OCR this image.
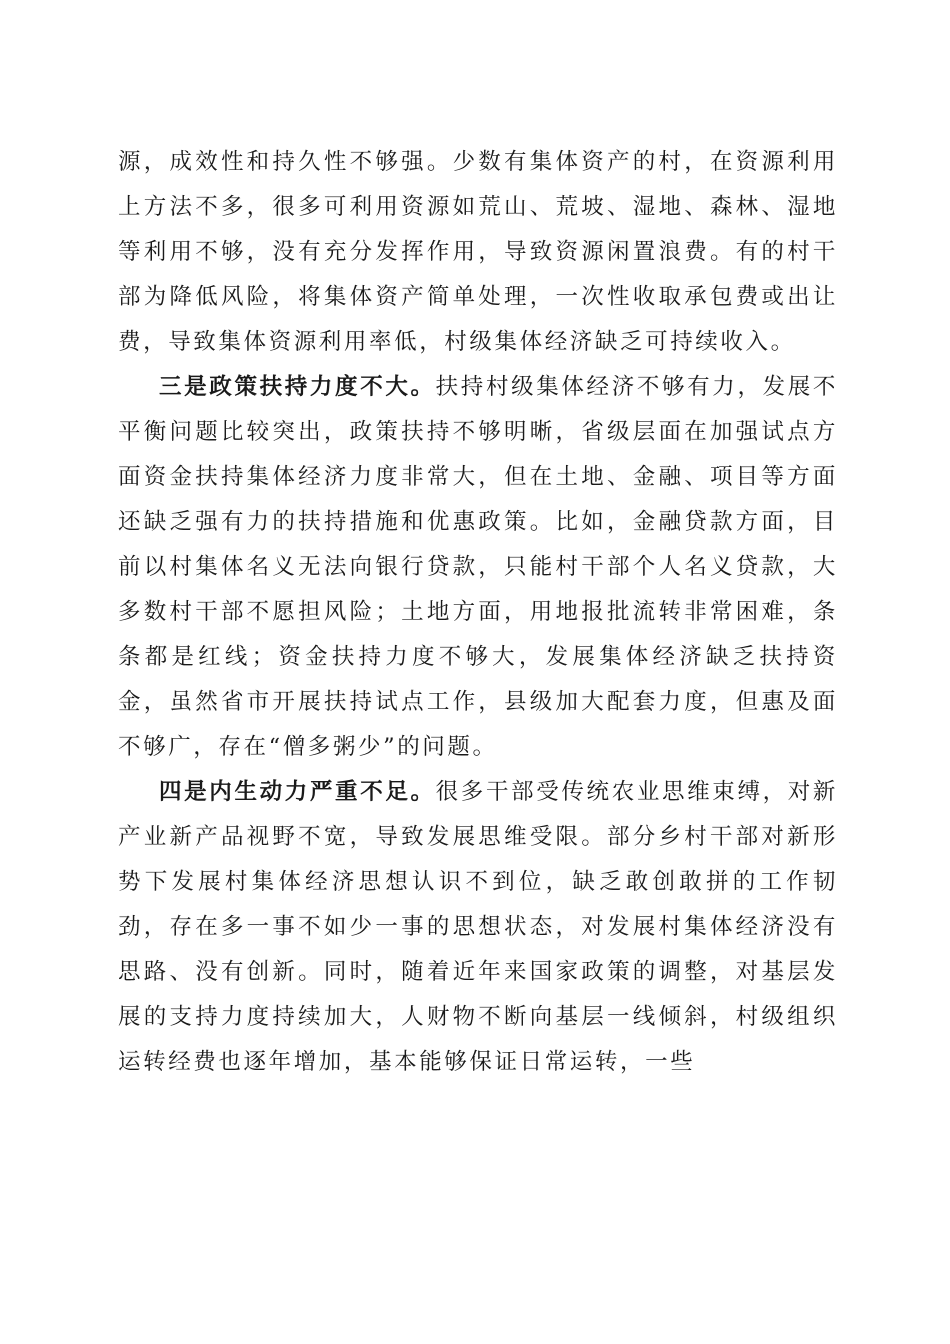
源，成效性和持久性不够强。少数有集体资产的村，在资源利用上方法不多，很多可利用资源如荒山、荒坡、湿地、森林、湿地等利用不够，没有充分发挥作用，导致资源闲置浪费。有的村干部为降低风险，将集体资产简单处理，一次性收取承包费或出让费，导致集体资源利用率低，村级集体经济缺乏可持续收入。

三是政策扶持力度不大。扶持村级集体经济不够有力，发展不平衡问题比较突出，政策扶持不够明晰，省级层面在加强试点方面资金扶持集体经济力度非常大，但在土地、金融、项目等方面还缺乏强有力的扶持措施和优惠政策。比如，金融贷款方面，目前以村集体名义无法向银行贷款，只能村干部个人名义贷款，大多数村干部不愿担风险；土地方面，用地报批流转非常困难，条条都是红线；资金扶持力度不够大，发展集体经济缺乏扶持资金，虽然省市开展扶持试点工作，县级加大配套力度，但惠及面不够广，存在“僧多粥少”的问题。

四是内生动力严重不足。很多干部受传统农业思维束缚，对新产业新产品视野不宽，导致发展思维受限。部分乡村干部对新形势下发展村集体经济思想认识不到位，缺乏敢创敢拼的工作韧劲，存在多一事不如少一事的思想状态，对发展村集体经济没有思路、没有创新。同时，随着近年来国家政策的调整，对基层发展的支持力度持续加大，人财物不断向基层一线倾斜，村级组织运转经费也逐年增加，基本能够保证日常运转，一些
